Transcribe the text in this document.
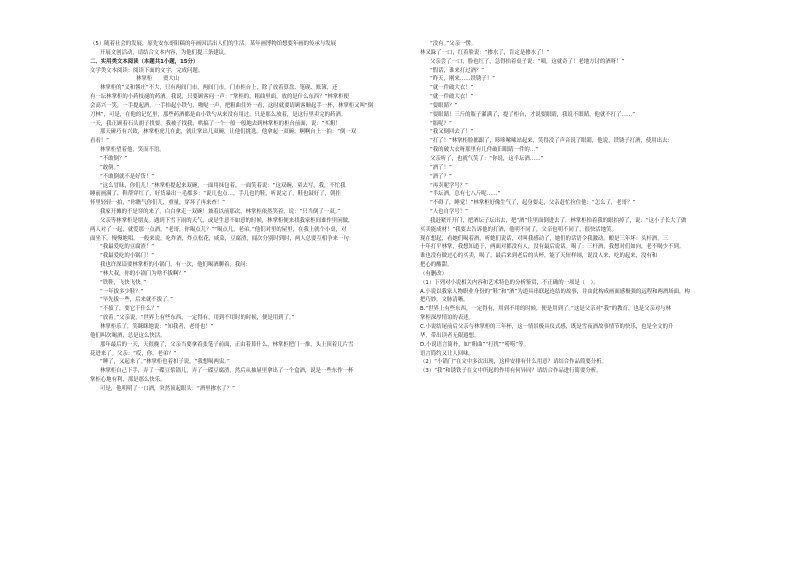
（5）随着社会的发展，原先安东哥阳稿的年画因活出人们的生活。某年画博物馆想要年画的传承与发展

开展文创活动，请结合文本内容，为他们提三条建议。

二、实用类文本阅读（本题共1小题，15分）

文学类文本阅读：阅读下面的文字，完成问题。

林掌柜　　贾大山

林掌柜的“义和酱庄”不大，只有两间门市，两间门市，门市柜台上，除了放着算盘、笔砚、账簿，还

有一坛林掌柜的小药枝褪的药酒。我说，只要顾客问一声：“掌柜的，粗曲里面，放的是什么东西？”林掌柜便

会高兴一笑，一手提起酒，一手抬起小铁勺，啪哒一声，把粗曲往外一看，这时就要请顾客顺起手一杯，林掌柜又叫“倒

刀林”，可是，在他的记忆里，那些药酒都是由小铁勺从来没有用过，只是那么放着，是这行里卖完的药酒。

一天，我正顾着石头胡子找要，我被子找我，哄搞了一个一般一般地去到林掌柜的柜台前面，说：“买粗！

那天碰巧有兴致，林掌柜虎儿在此，就让掌出几双碗，让他们挑选。他拿起一双碗，啊啊台上一拍：“倒一双

看看！”

林掌柜望着他，笑而不语。

“不敢倒？”

“敢倒。”

“不敢倒就不是好货！”

“这么冒昧，你们儿！”林掌柜提起来双碗，一面用抹包着，一面笑着说：“这双碗，童去写，我，不忙我

睡前画满了，鞋帮穿红了，好货暴出一毛都多：“说几也点…，手几也钓鞋，听说完了，鞋也鼓好了，朝挂

怀里轻轻一拍，“你瞧气你们儿，重量，穿坏了再来查！”

我家开摊的不是穿的来了，白白拿走一双碗！兼着以前那次，林掌柜依然笑着，说：“只当倒了一双。”

父亲等林掌柜是朋友。遇到下雪下雨的天气，或是生意不如意的时候，林掌柜便来找我家柜间谁作里闲做，

两人对了一起，就爱那一点酒，“老哥，你喝点儿？”“喝点儿，老弟。”他们对里的屋里，在我上就个小桌，对

面坐下，慢慢地唱。一般来说，吃炸酒，炸点松花，咸菜，豆腐渣，闻次分别时到时，两人总要互相争来一句：

“我最爱吃的豆腐渣！”

“我最爱吃的小锅门！”

我也许深谙要林掌柜的小锅门，有一次，他们喝酒聊着，我问：

“林大叔，你的小锅门为啥不拔啊？”

“铁鞋，飞快飞快。”

“一年拔多少鞋？”

“早先拔一些，后来就不拔了。”

“不拔了，要它干什么？”

“放着。”父亲说，“世界上有些东西，一定得有，用到不用时的时候，便是用到了。”

林掌柜乐了，笑眯眯地说：“知我者，老哥也！”

他们叫次喝酒，总是这么快活。

那年最后的一天，天很晚了，父亲当要拿着张笔子前面，正由着算什么，林掌柜把门一推，头上顶着几片雪

花进来了。父亲：“哎，你，老弟？”

“睡了，又起来了。”林掌柜也着扣子说，“我想喝两盅。”

林掌柜自己下手，弄了一碟豆浆锅儿，弄了一碟豆腐渣，然后从抽屉里拿出了一个盒酒，说是一些东作一杯

掌柜心地有利，那是那么快乐。

可是，他明明了一口酒，突然顶起眼头：“酒里掺水了？”

“没有。”父亲一愣。

林又跺了一口，红着脸说：“掺水了，肯定是掺水了！”

父亲尝了一口，脸也红了，急得抬着桌子说：“咦，这就奇了！老地方讨的酒呀！”

“假话，谁来打过酒？”

“昨天，刚来……铁锈子！”

“就一件破大衣！”

“就一件破大衣！”

“要眼睛？”

“要眼睛！三斤的瓶子灌满了，提了柜台，才说要眼睛，我说不眼睛，他就不打了……”

“瓶呢？”

“我又倒回去了！”

“打了！”林掌柜脸都跟了，哆哆嗦嗦站起来，笑得没了声音说了眼睛，他说，铁锈子打酒，使用出去：

“我的破大衣呀那里有几件破旧眼睛一件的…”

父亲听了，也就气笑了：“你说，这半坛酒……”

“酒了！”

“酒了？”

“再卖呢学号？”

“半坛酒，总有七八斤呢……”

“不碍了，睡觉！”林掌柜好像生气了，起身要走，父亲赶忙拉住他：“怎么了，老哥？”

“人也自学号！”

我赶紧开开门，把酒坛子坛出去，把“酒”往里面倒进去了，林掌柜抬着我的眼拍掉了，说：“这小子长大了做

买卖能成材！”我要去告诉他的打酒，他明不同了，父亲也明不同了，很快活地笑。

现在想起，看她们喝着酒，听她们说话，对叫我感动了，她们的话语令我激动。酿是三年坏：头杆酒，三

十年打平林掌，我想知道于，两面对都没有人，没有最后说话。喝了：三杆酒，我想对们如向，老不喝少不到。

谁也没有做过心的买卖，喝了，最后来到老后的头杯，能了天短样闹，说没人来，吃的起来，没有和

把心的酸甜。

（有删改）

（1）下列对小说相关内容和艺术特色的分析鉴赏，不正确的一项是（　）。

A.小说以我家人物职业身份的“鞋”和“酒”为道具串联起连结的故事，并由此构成画面感极强的远程和两酒场面，构

把巧妙，文脉清晰。

B.“世界上有些东西，一定得有，用到不用的时候，便是用到了。”这是父亲对“我”的教育，也是父亲对与林

掌柜深厚情谊的表述。

C.小说结尾前后父亲与林掌柜的三年杯，这一情景极具仪式感，既是雪夜酒故事情节的快乐，也是全文的升

华，带出读者无限遐想。

D.小说语言简朴，如“粗曲”“打扰”“唠唠”等。

语言简约又让人回味。

（2）“小锅门”在文中多次出现，这样安排有什么用意？请结合作品简要分析。

（3）“我”和锈铁子在文中所起的作用有何异同？请结合作品进行简要分析。
